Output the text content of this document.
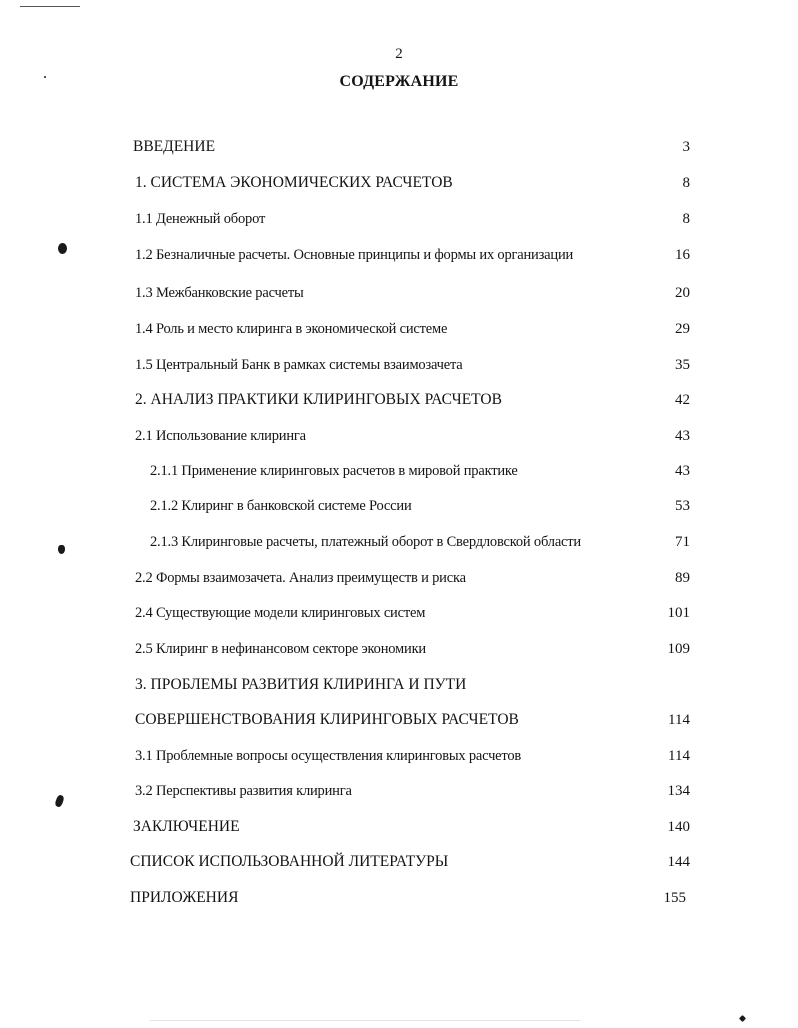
2
СОДЕРЖАНИЕ
ВВЕДЕНИЕ	3
1. СИСТЕМА ЭКОНОМИЧЕСКИХ РАСЧЕТОВ	8
1.1 Денежный оборот	8
1.2 Безналичные расчеты. Основные принципы и формы их организации	16
1.3 Межбанковские расчеты	20
1.4 Роль и место клиринга в экономической системе	29
1.5 Центральный Банк в рамках системы взаимозачета	35
2. АНАЛИЗ ПРАКТИКИ КЛИРИНГОВЫХ РАСЧЕТОВ	42
2.1 Использование клиринга	43
2.1.1 Применение клиринговых расчетов в мировой практике	43
2.1.2 Клиринг в банковской системе России	53
2.1.3 Клиринговые расчеты, платежный оборот в Свердловской области	71
2.2 Формы взаимозачета. Анализ преимуществ и риска	89
2.4 Существующие модели клиринговых систем	101
2.5 Клиринг в нефинансовом секторе экономики	109
3. ПРОБЛЕМЫ РАЗВИТИЯ КЛИРИНГА И ПУТИ
СОВЕРШЕНСТВОВАНИЯ КЛИРИНГОВЫХ РАСЧЕТОВ	114
3.1 Проблемные вопросы осуществления клиринговых расчетов	114
3.2 Перспективы развития клиринга	134
ЗАКЛЮЧЕНИЕ	140
СПИСОК ИСПОЛЬЗОВАННОЙ ЛИТЕРАТУРЫ	144
ПРИЛОЖЕНИЯ	155
